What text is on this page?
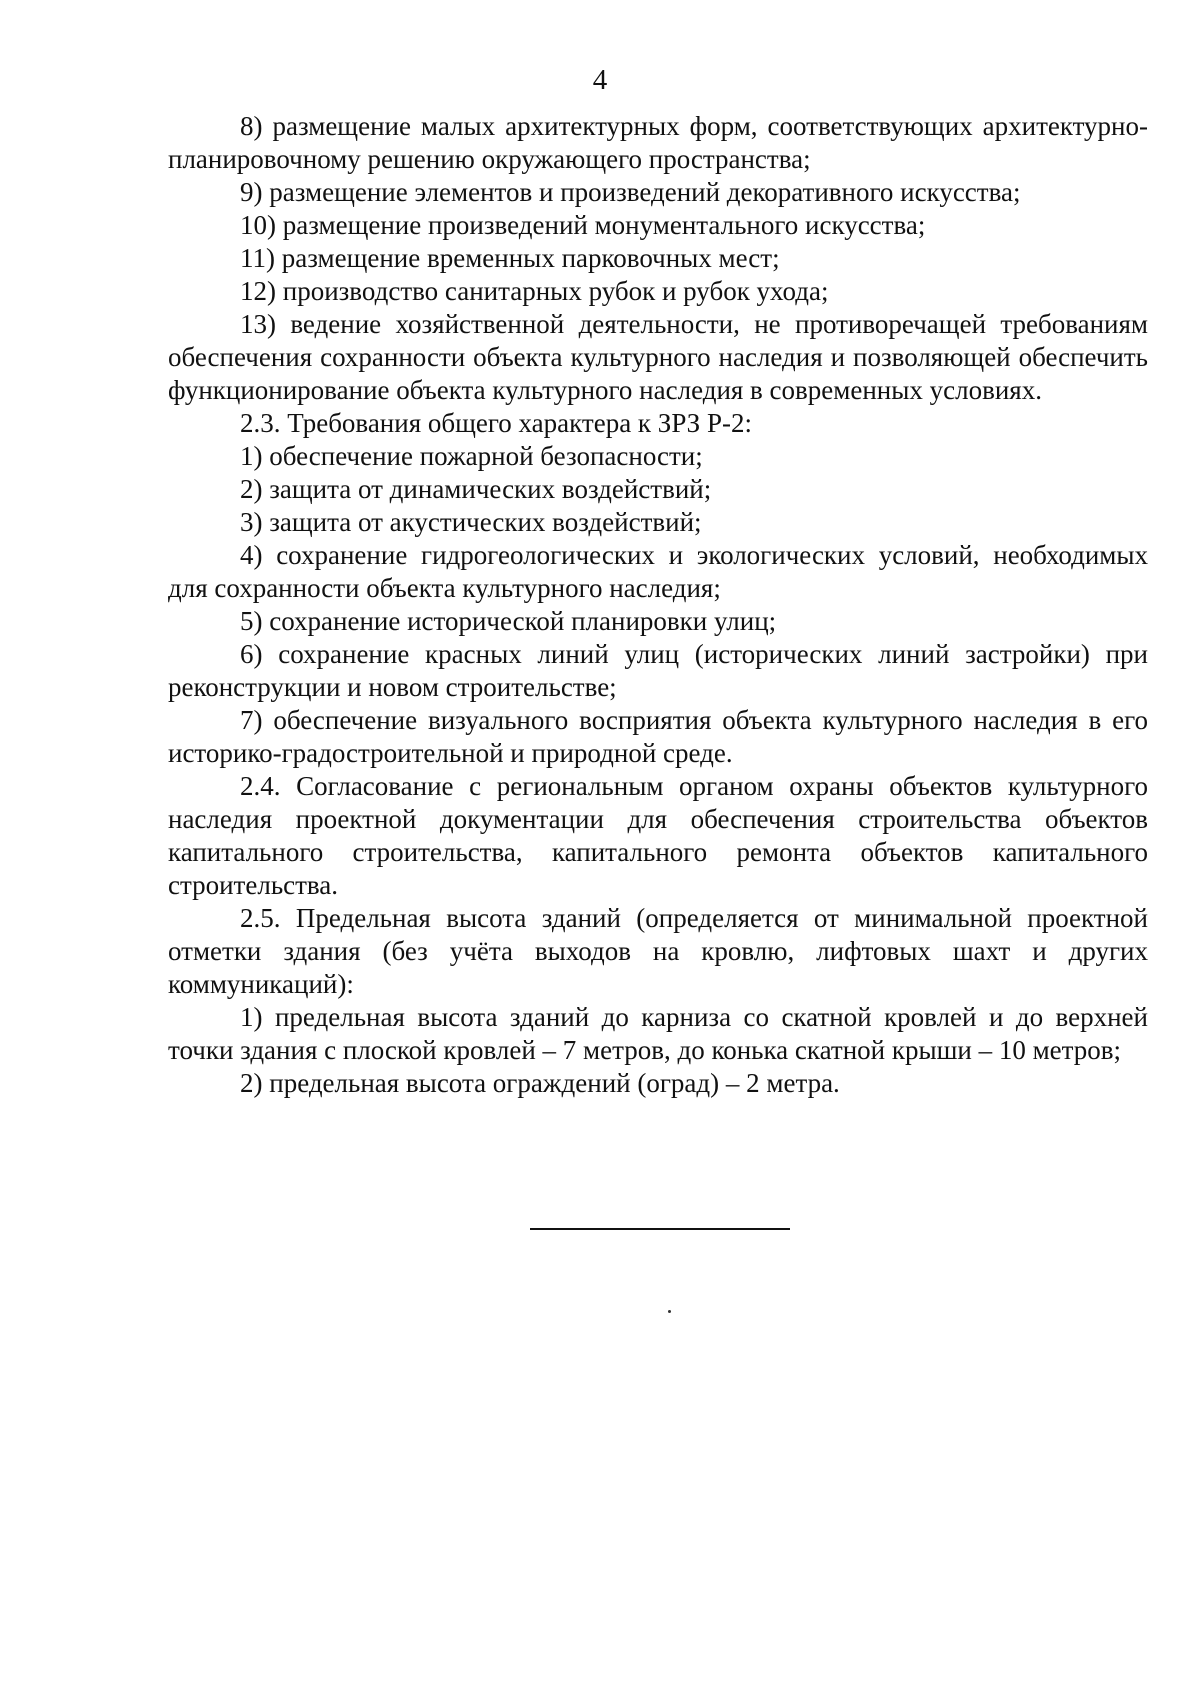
4

8) размещение малых архитектурных форм, соответствующих архитектурно-планировочному решению окружающего пространства;

9) размещение элементов и произведений декоративного искусства;

10) размещение произведений монументального искусства;

11) размещение временных парковочных мест;

12) производство санитарных рубок и рубок ухода;

13) ведение хозяйственной деятельности, не противоречащей требованиям обеспечения сохранности объекта культурного наследия и позволяющей обеспечить функционирование объекта культурного наследия в современных условиях.

2.3. Требования общего характера к ЗРЗ Р-2:

1) обеспечение пожарной безопасности;

2) защита от динамических воздействий;

3) защита от акустических воздействий;

4) сохранение гидрогеологических и экологических условий, необходимых для сохранности объекта культурного наследия;

5) сохранение исторической планировки улиц;

6) сохранение красных линий улиц (исторических линий застройки) при реконструкции и новом строительстве;

7) обеспечение визуального восприятия объекта культурного наследия в его историко-градостроительной и природной среде.

2.4. Согласование с региональным органом охраны объектов культурного наследия проектной документации для обеспечения строительства объектов капитального строительства, капитального ремонта объектов капитального строительства.

2.5. Предельная высота зданий (определяется от минимальной проектной отметки здания (без учёта выходов на кровлю, лифтовых шахт и других коммуникаций):

1) предельная высота зданий до карниза со скатной кровлей и до верхней точки здания с плоской кровлей – 7 метров, до конька скатной крыши – 10 метров;

2) предельная высота ограждений (оград) – 2 метра.
